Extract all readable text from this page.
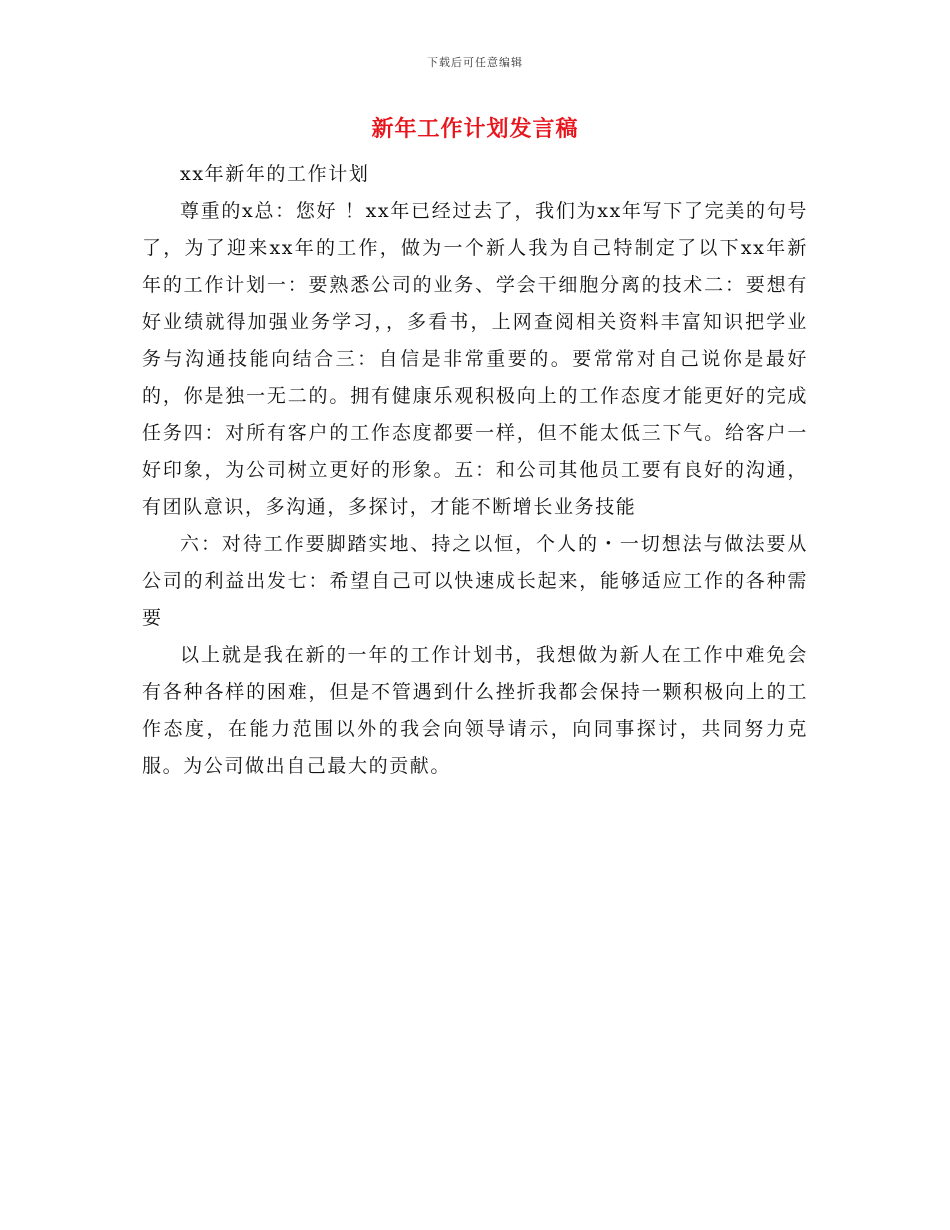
下载后可任意编辑
新年工作计划发言稿

xx年新年的工作计划

尊重的x总：您好 ！xx年已经过去了，我们为xx年写下了完美的句号了，为了迎来xx年的工作，做为一个新人我为自己特制定了以下xx年新年的工作计划一：要熟悉公司的业务、学会干细胞分离的技术二：要想有好业绩就得加强业务学习，，多看书，上网查阅相关资料丰富知识把学业务与沟通技能向结合三：自信是非常重要的。要常常对自己说你是最好的，你是独一无二的。拥有健康乐观积极向上的工作态度才能更好的完成任务四：对所有客户的工作态度都要一样，但不能太低三下气。给客户一好印象，为公司树立更好的形象。五：和公司其他员工要有良好的沟通，有团队意识，多沟通，多探讨，才能不断增长业务技能

六：对待工作要脚踏实地、持之以恒，个人的・一切想法与做法要从公司的利益出发七：希望自己可以快速成长起来，能够适应工作的各种需要

以上就是我在新的一年的工作计划书，我想做为新人在工作中难免会有各种各样的困难，但是不管遇到什么挫折我都会保持一颗积极向上的工作态度，在能力范围以外的我会向领导请示，向同事探讨，共同努力克服。为公司做出自己最大的贡献。
